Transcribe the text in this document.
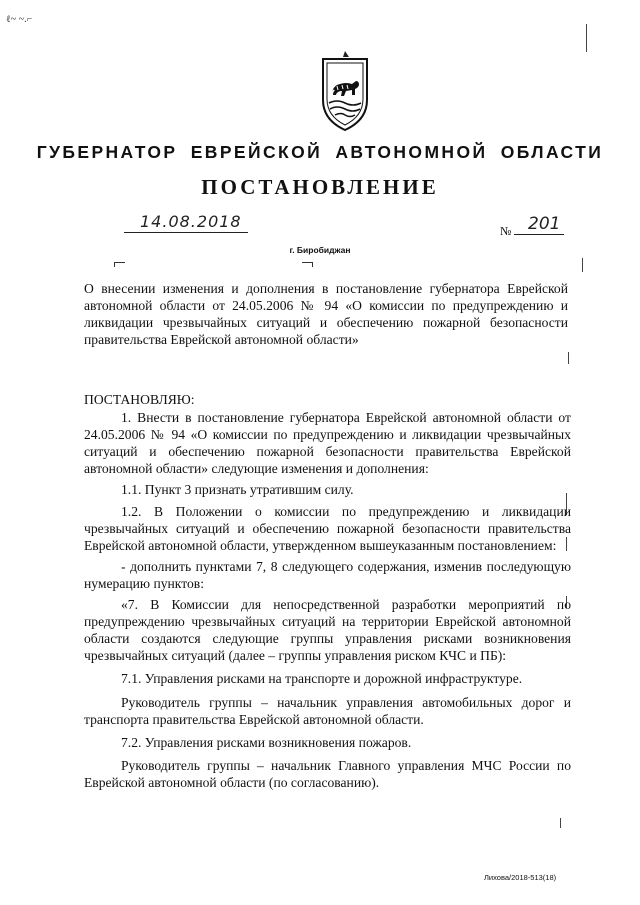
ℓ~ ~.⌐
ГУБЕРНАТОР ЕВРЕЙСКОЙ АВТОНОМНОЙ ОБЛАСТИ
ПОСТАНОВЛЕНИЕ
14.08.2018	№ 201
г. Биробиджан
О внесении изменения и дополнения в постановление губернатора Еврейской автономной области от 24.05.2006 № 94 «О комиссии по предупреждению и ликвидации чрезвычайных ситуаций и обеспечению пожарной безопасности правительства Еврейской автономной области»

ПОСТАНОВЛЯЮ:

1. Внести в постановление губернатора Еврейской автономной области от 24.05.2006 № 94 «О комиссии по предупреждению и ликвидации чрезвычайных ситуаций и обеспечению пожарной безопасности правительства Еврейской автономной области» следующие изменения и дополнения:

1.1. Пункт 3 признать утратившим силу.

1.2. В Положении о комиссии по предупреждению и ликвидации чрезвычайных ситуаций и обеспечению пожарной безопасности правительства Еврейской автономной области, утвержденном вышеуказанным постановлением:

- дополнить пунктами 7, 8 следующего содержания, изменив последующую нумерацию пунктов:

«7. В Комиссии для непосредственной разработки мероприятий по предупреждению чрезвычайных ситуаций на территории Еврейской автономной области создаются следующие группы управления рисками возникновения чрезвычайных ситуаций (далее – группы управления риском КЧС и ПБ):

7.1. Управления рисками на транспорте и дорожной инфраструктуре.

Руководитель группы – начальник управления автомобильных дорог и транспорта правительства Еврейской автономной области.

7.2. Управления рисками возникновения пожаров.

Руководитель группы – начальник Главного управления МЧС России по Еврейской автономной области (по согласованию).

Лихова/2018-513(18)
